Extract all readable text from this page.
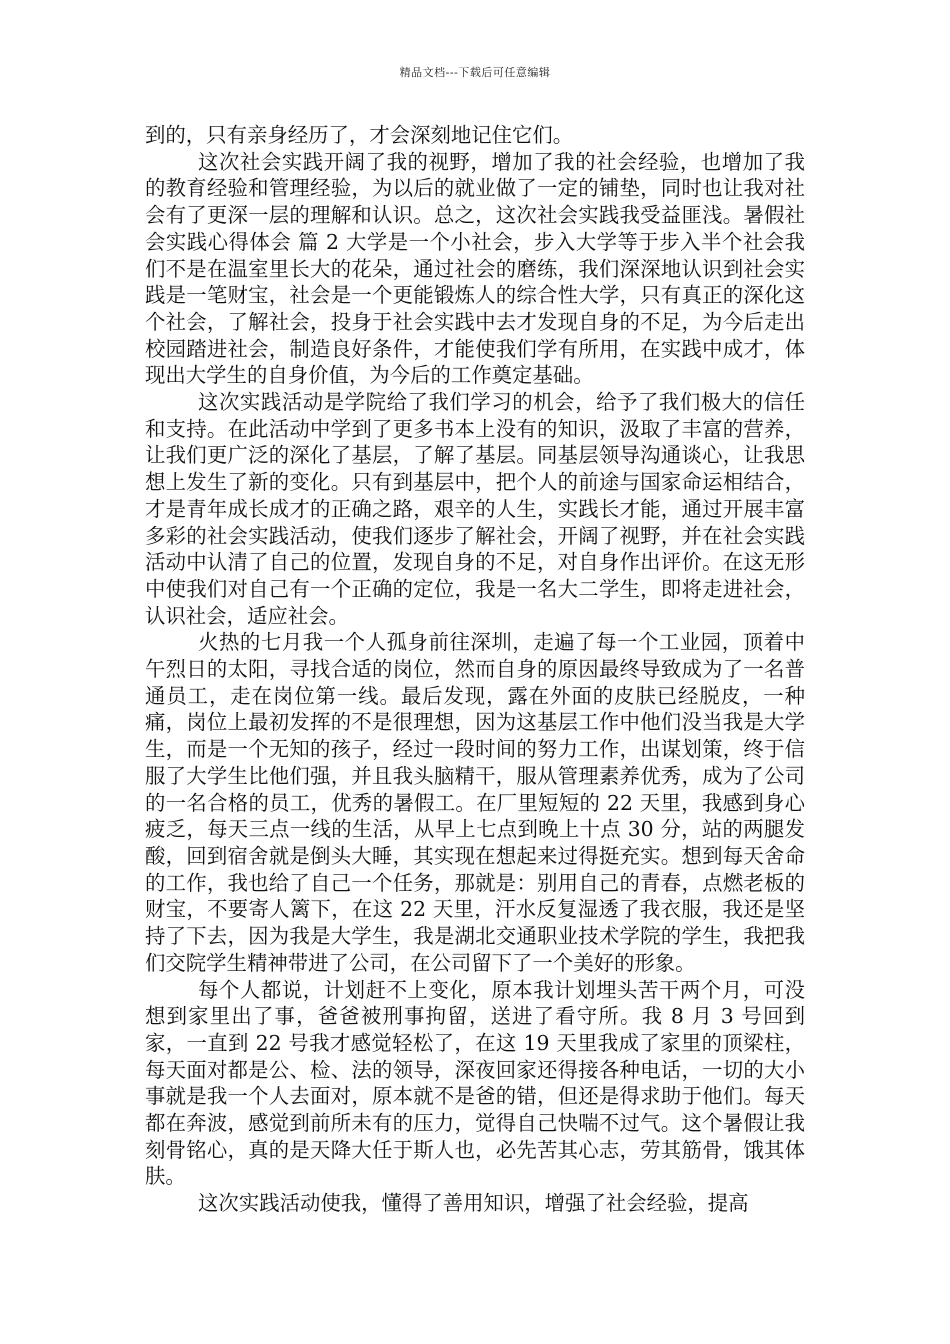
精品文档---下载后可任意编辑

到的，只有亲身经历了，才会深刻地记住它们。

这次社会实践开阔了我的视野，增加了我的社会经验，也增加了我的教育经验和管理经验，为以后的就业做了一定的铺垫，同时也让我对社会有了更深一层的理解和认识。总之，这次社会实践我受益匪浅。暑假社会实践心得体会 篇 2 大学是一个小社会，步入大学等于步入半个社会我们不是在温室里长大的花朵，通过社会的磨练，我们深深地认识到社会实践是一笔财宝，社会是一个更能锻炼人的综合性大学，只有真正的深化这个社会，了解社会，投身于社会实践中去才发现自身的不足，为今后走出校园踏进社会，制造良好条件，才能使我们学有所用，在实践中成才，体现出大学生的自身价值，为今后的工作奠定基础。

这次实践活动是学院给了我们学习的机会，给予了我们极大的信任和支持。在此活动中学到了更多书本上没有的知识，汲取了丰富的营养，让我们更广泛的深化了基层，了解了基层。同基层领导沟通谈心，让我思想上发生了新的变化。只有到基层中，把个人的前途与国家命运相结合，才是青年成长成才的正确之路，艰辛的人生，实践长才能，通过开展丰富多彩的社会实践活动，使我们逐步了解社会，开阔了视野，并在社会实践活动中认清了自己的位置，发现自身的不足，对自身作出评价。在这无形中使我们对自己有一个正确的定位，我是一名大二学生，即将走进社会，认识社会，适应社会。

火热的七月我一个人孤身前往深圳，走遍了每一个工业园，顶着中午烈日的太阳，寻找合适的岗位，然而自身的原因最终导致成为了一名普通员工，走在岗位第一线。最后发现，露在外面的皮肤已经脱皮，一种痛，岗位上最初发挥的不是很理想，因为这基层工作中他们没当我是大学生，而是一个无知的孩子，经过一段时间的努力工作，出谋划策，终于信服了大学生比他们强，并且我头脑精干，服从管理素养优秀，成为了公司的一名合格的员工，优秀的暑假工。在厂里短短的 22 天里，我感到身心疲乏，每天三点一线的生活，从早上七点到晚上十点 30 分，站的两腿发酸，回到宿舍就是倒头大睡，其实现在想起来过得挺充实。想到每天舍命的工作，我也给了自己一个任务，那就是：别用自己的青春，点燃老板的财宝，不要寄人篱下，在这 22 天里，汗水反复湿透了我衣服，我还是坚持了下去，因为我是大学生，我是湖北交通职业技术学院的学生，我把我们交院学生精神带进了公司，在公司留下了一个美好的形象。

每个人都说，计划赶不上变化，原本我计划埋头苦干两个月，可没想到家里出了事，爸爸被刑事拘留，送进了看守所。我 8 月 3 号回到家，一直到 22 号我才感觉轻松了，在这 19 天里我成了家里的顶梁柱，每天面对都是公、检、法的领导，深夜回家还得接各种电话，一切的大小事就是我一个人去面对，原本就不是爸的错，但还是得求助于他们。每天都在奔波，感觉到前所未有的压力，觉得自己快喘不过气。这个暑假让我刻骨铭心，真的是天降大任于斯人也，必先苦其心志，劳其筋骨，饿其体肤。

这次实践活动使我，懂得了善用知识，增强了社会经验，提高
